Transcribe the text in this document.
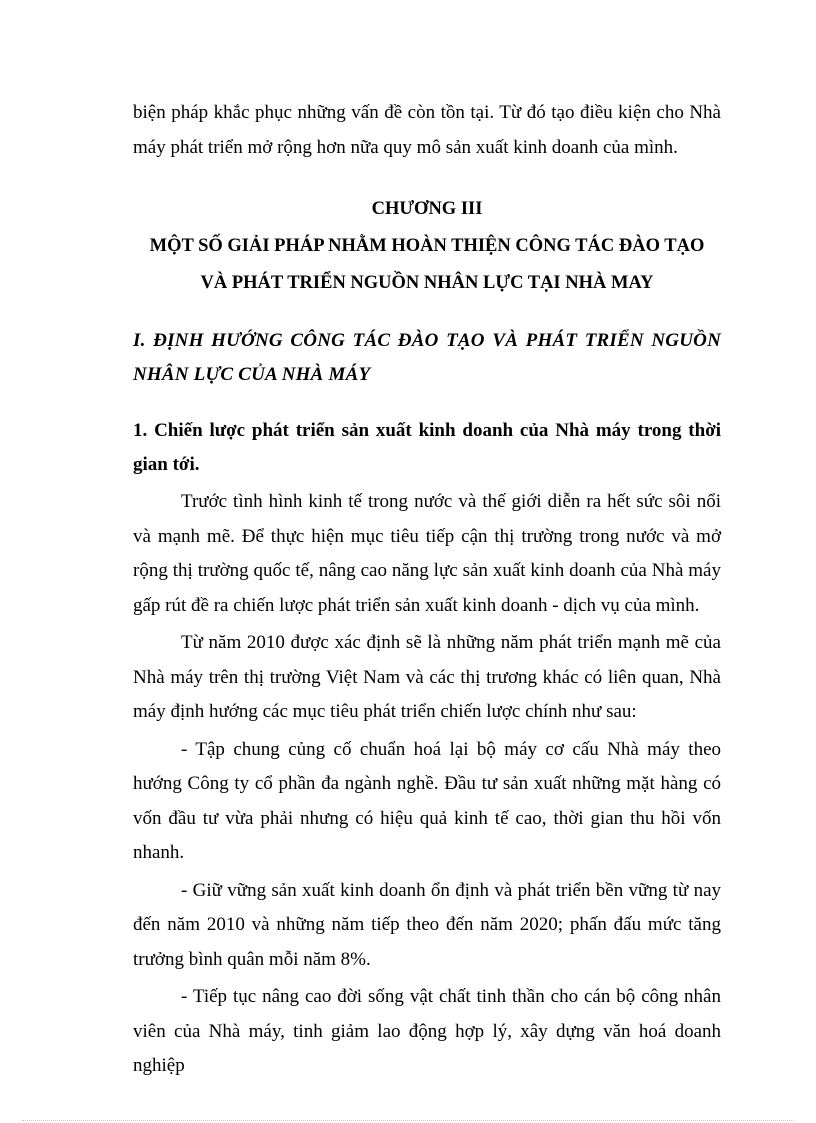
biện pháp khắc phục những vấn đề còn tồn tại. Từ đó tạo điều kiện cho Nhà máy phát triển mở rộng hơn nữa quy mô sản xuất kinh doanh của mình.

CHƯƠNG III
MỘT SỐ GIẢI PHÁP NHẰM HOÀN THIỆN CÔNG TÁC ĐÀO TẠO
VÀ PHÁT TRIỂN NGUỒN NHÂN LỰC TẠI NHÀ MAY

I. ĐỊNH HƯỚNG CÔNG TÁC ĐÀO TẠO VÀ PHÁT TRIỂN NGUỒN NHÂN LỰC CỦA NHÀ MÁY

1. Chiến lược phát triển sản xuất kinh doanh của Nhà máy trong thời gian tới.

Trước tình hình kinh tế trong nước và thế giới diễn ra hết sức sôi nổi và mạnh mẽ. Để thực hiện mục tiêu tiếp cận thị trường trong nước và mở rộng thị trường quốc tế, nâng cao năng lực sản xuất kinh doanh của Nhà máy gấp rút đề ra chiến lược phát triển sản xuất kinh doanh - dịch vụ của mình.

Từ năm 2010 được xác định sẽ là những năm phát triển mạnh mẽ của Nhà máy trên thị trường Việt Nam và các thị trương khác có liên quan, Nhà máy định hướng các mục tiêu phát triển chiến lược chính như sau:

- Tập chung củng cố chuẩn hoá lại bộ máy cơ cấu Nhà máy theo hướng Công ty cổ phần đa ngành nghề. Đầu tư sản xuất những mặt hàng có vốn đầu tư vừa phải nhưng có hiệu quả kinh tế cao, thời gian thu hồi vốn nhanh.

- Giữ vững sản xuất kinh doanh ổn định và phát triển bền vững từ nay đến năm 2010 và những năm tiếp theo đến năm 2020; phấn đấu mức tăng trưởng bình quân mỗi năm 8%.

- Tiếp tục nâng cao đời sống vật chất tinh thần cho cán bộ công nhân viên của Nhà máy, tinh giảm lao động hợp lý, xây dựng văn hoá doanh nghiệp
